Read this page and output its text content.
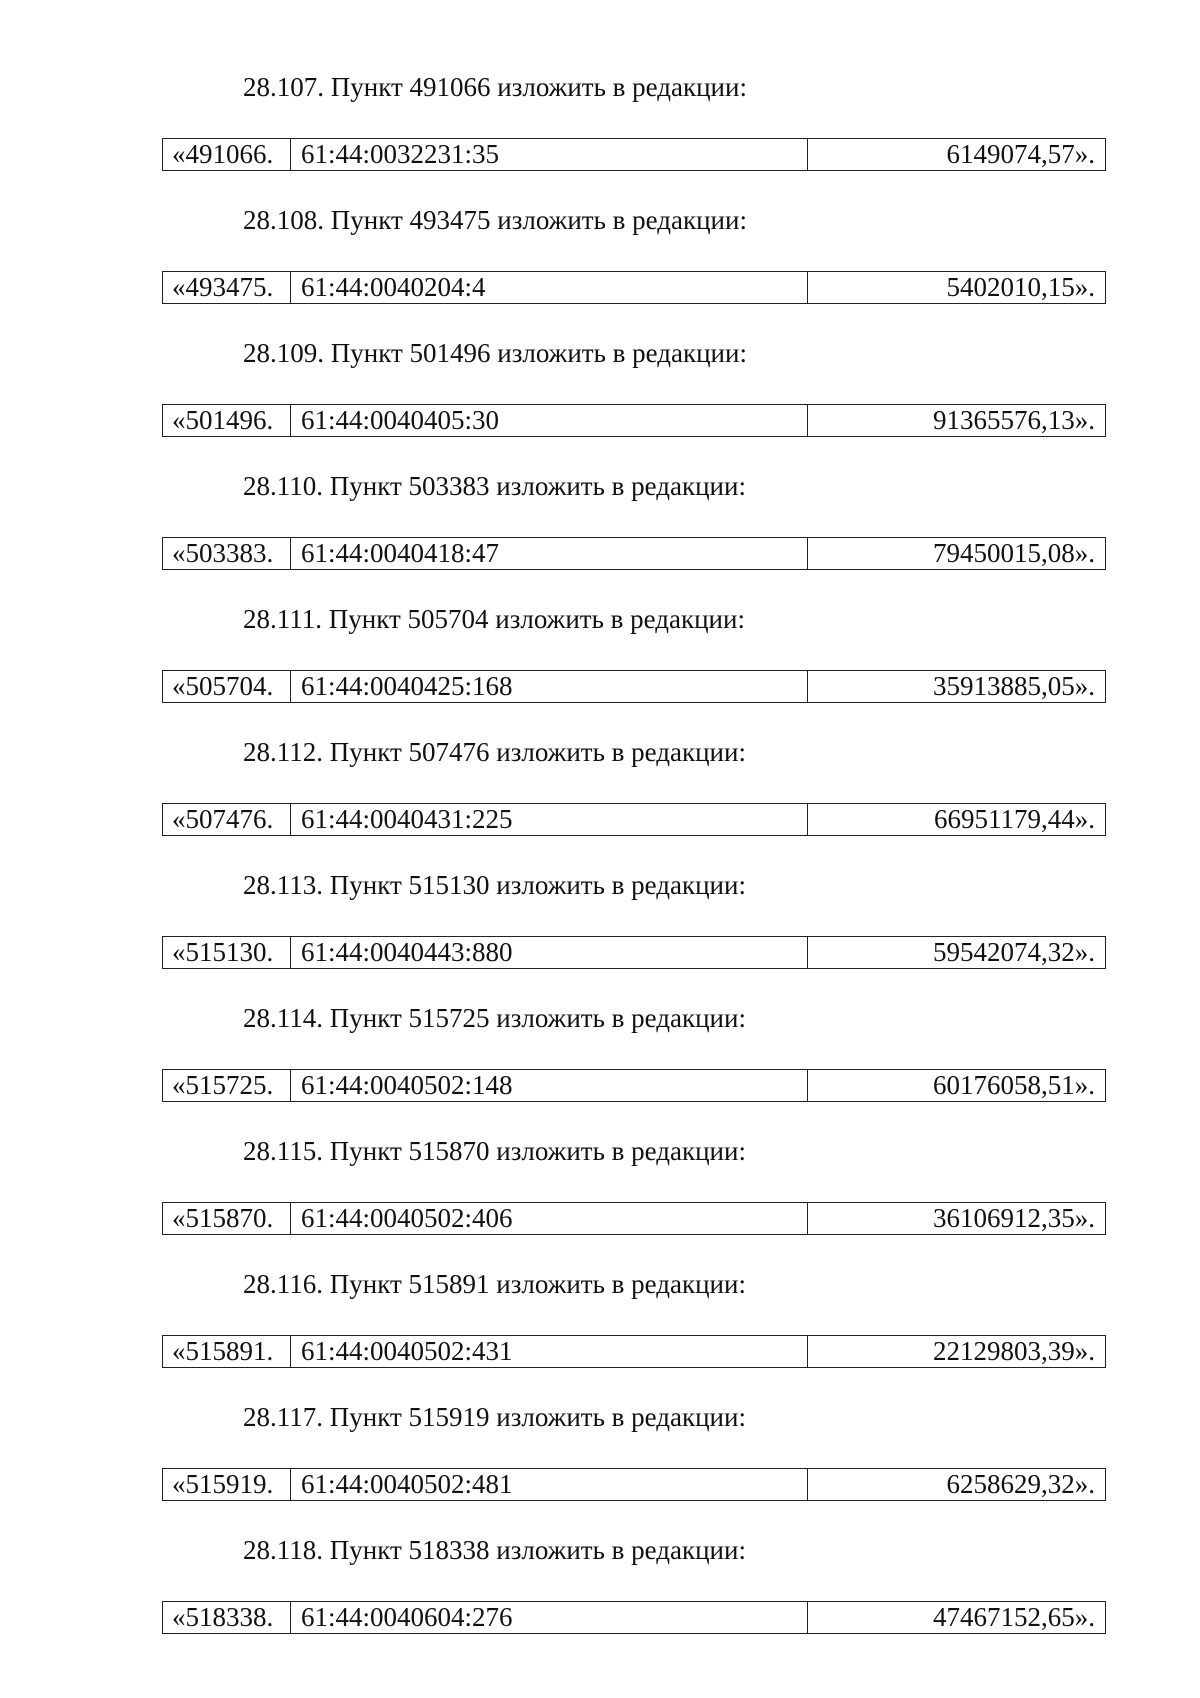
28.107. Пункт 491066 изложить в редакции:
«491066.	61:44:0032231:35	6149074,57».
28.108. Пункт 493475 изложить в редакции:
«493475.	61:44:0040204:4	5402010,15».
28.109. Пункт 501496 изложить в редакции:
«501496.	61:44:0040405:30	91365576,13».
28.110. Пункт 503383 изложить в редакции:
«503383.	61:44:0040418:47	79450015,08».
28.111. Пункт 505704 изложить в редакции:
«505704.	61:44:0040425:168	35913885,05».
28.112. Пункт 507476 изложить в редакции:
«507476.	61:44:0040431:225	66951179,44».
28.113. Пункт 515130 изложить в редакции:
«515130.	61:44:0040443:880	59542074,32».
28.114. Пункт 515725 изложить в редакции:
«515725.	61:44:0040502:148	60176058,51».
28.115. Пункт 515870 изложить в редакции:
«515870.	61:44:0040502:406	36106912,35».
28.116. Пункт 515891 изложить в редакции:
«515891.	61:44:0040502:431	22129803,39».
28.117. Пункт 515919 изложить в редакции:
«515919.	61:44:0040502:481	6258629,32».
28.118. Пункт 518338 изложить в редакции:
«518338.	61:44:0040604:276	47467152,65».
